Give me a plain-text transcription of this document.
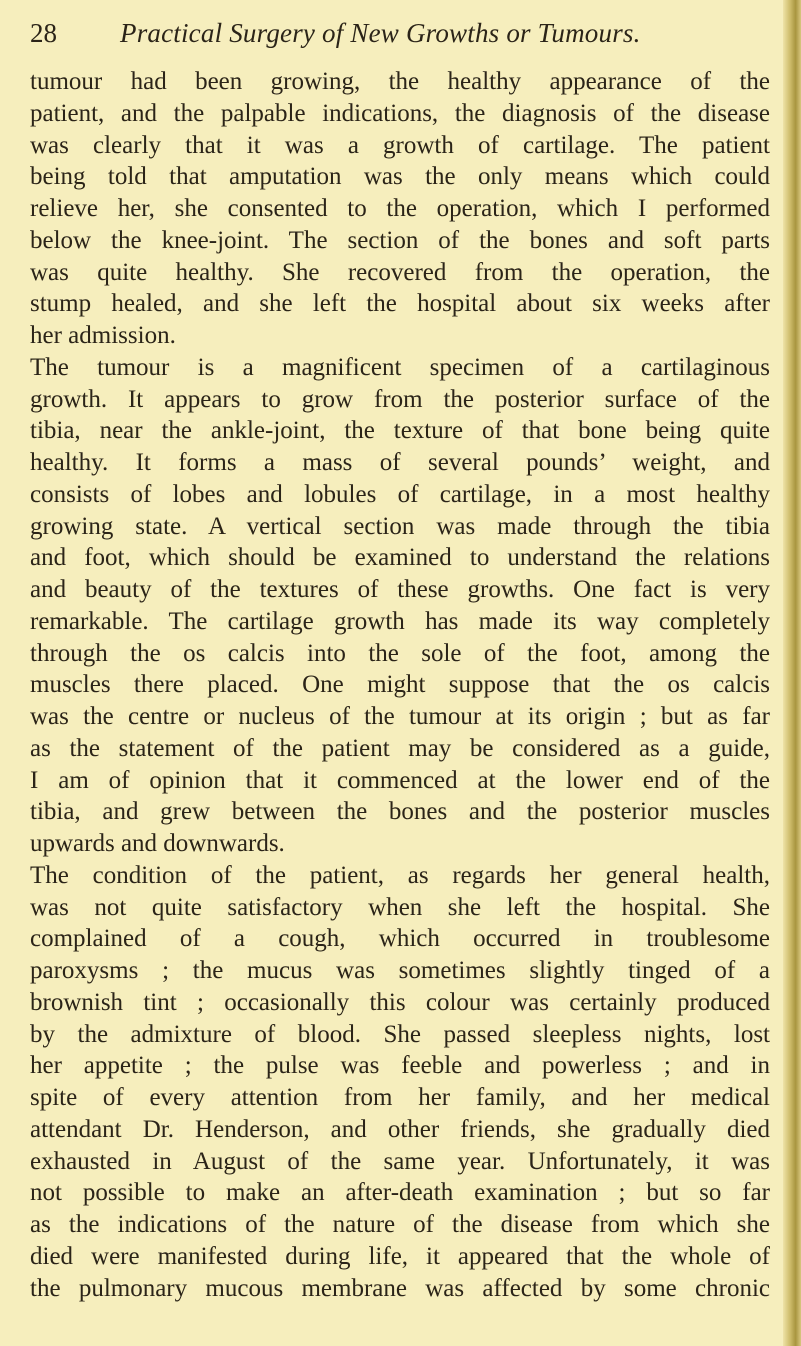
28 Practical Surgery of New Growths or Tumours.
tumour had been growing, the healthy appearance of the
patient, and the palpable indications, the diagnosis of the disease
was clearly that it was a growth of cartilage. The patient
being told that amputation was the only means which could
relieve her, she consented to the operation, which I performed
below the knee-joint. The section of the bones and soft parts
was quite healthy. She recovered from the operation, the
stump healed, and she left the hospital about six weeks after
her admission.
The tumour is a magnificent specimen of a cartilaginous
growth. It appears to grow from the posterior surface of the
tibia, near the ankle-joint, the texture of that bone being quite
healthy. It forms a mass of several pounds’ weight, and
consists of lobes and lobules of cartilage, in a most healthy
growing state. A vertical section was made through the tibia
and foot, which should be examined to understand the relations
and beauty of the textures of these growths. One fact is very
remarkable. The cartilage growth has made its way completely
through the os calcis into the sole of the foot, among the
muscles there placed. One might suppose that the os calcis
was the centre or nucleus of the tumour at its origin ; but as far
as the statement of the patient may be considered as a guide,
I am of opinion that it commenced at the lower end of the
tibia, and grew between the bones and the posterior muscles
upwards and downwards.
The condition of the patient, as regards her general health,
was not quite satisfactory when she left the hospital. She
complained of a cough, which occurred in troublesome
paroxysms ; the mucus was sometimes slightly tinged of a
brownish tint ; occasionally this colour was certainly produced
by the admixture of blood. She passed sleepless nights, lost
her appetite ; the pulse was feeble and powerless ; and in
spite of every attention from her family, and her medical
attendant Dr. Henderson, and other friends, she gradually died
exhausted in August of the same year. Unfortunately, it was
not possible to make an after-death examination ; but so far
as the indications of the nature of the disease from which she
died were manifested during life, it appeared that the whole of
the pulmonary mucous membrane was affected by some chronic
